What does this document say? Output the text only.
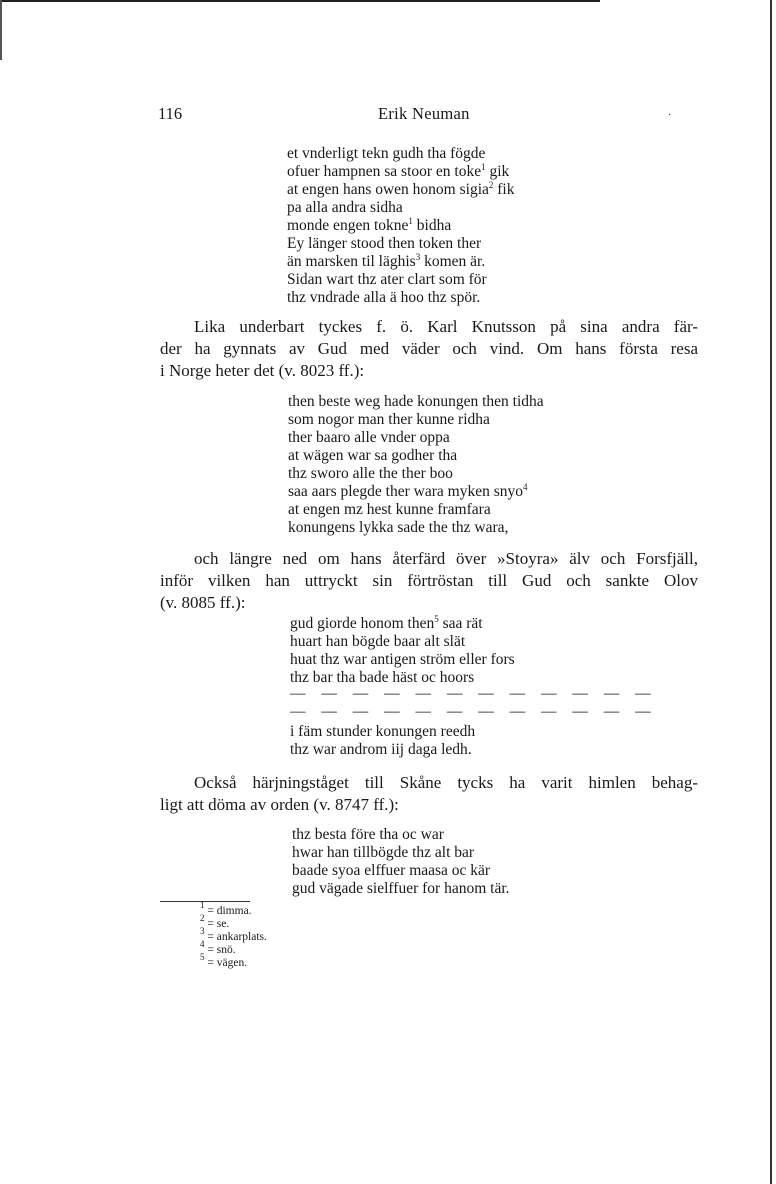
116	Erik Neuman	·
et vnderligt tekn gudh tha fögde
ofuer hampnen sa stoor en toke$^1$ gik
at engen hans owen honom sigia$^2$ fik
pa alla andra sidha
monde engen tokne$^1$ bidha
Ey länger stood then token ther
än marsken til läghis$^3$ komen är.
Sidan wart thz ater clart som för
thz vndrade alla ä hoo thz spör.
Lika underbart tyckes f. ö. Karl Knutsson på sina andra fär-
der ha gynnats av Gud med väder och vind. Om hans första resa
i Norge heter det (v. 8023 ff.):
then beste weg hade konungen then tidha
som nogor man ther kunne ridha
ther baaro alle vnder oppa
at wägen war sa godher tha
thz sworo alle the ther boo
saa aars plegde ther wara myken snyo$^4$
at engen mz hest kunne framfara
konungens lykka sade the thz wara,
och längre ned om hans återfärd över »Stoyra» älv och Forsfjäll,
inför vilken han uttryckt sin förtröstan till Gud och sankte Olov
(v. 8085 ff.):
gud giorde honom then$^5$ saa rät
huart han bögde baar alt slät
huat thz war antigen ström eller fors
thz bar tha bade häst oc hoors
— — — — — — — — — — — —
— — — — — — — — — — — —
i fäm stunder konungen reedh
thz war androm iij daga ledh.
Också härjningståget till Skåne tycks ha varit himlen behag-
ligt att döma av orden (v. 8747 ff.):
thz besta före tha oc war
hwar han tillbögde thz alt bar
baade syoa elffuer maasa oc kär
gud vägade sielffuer for hanom tär.
$^1$ = dimma.
$^2$ = se.
$^3$ = ankarplats.
$^4$ = snö.
$^5$ = vägen.
